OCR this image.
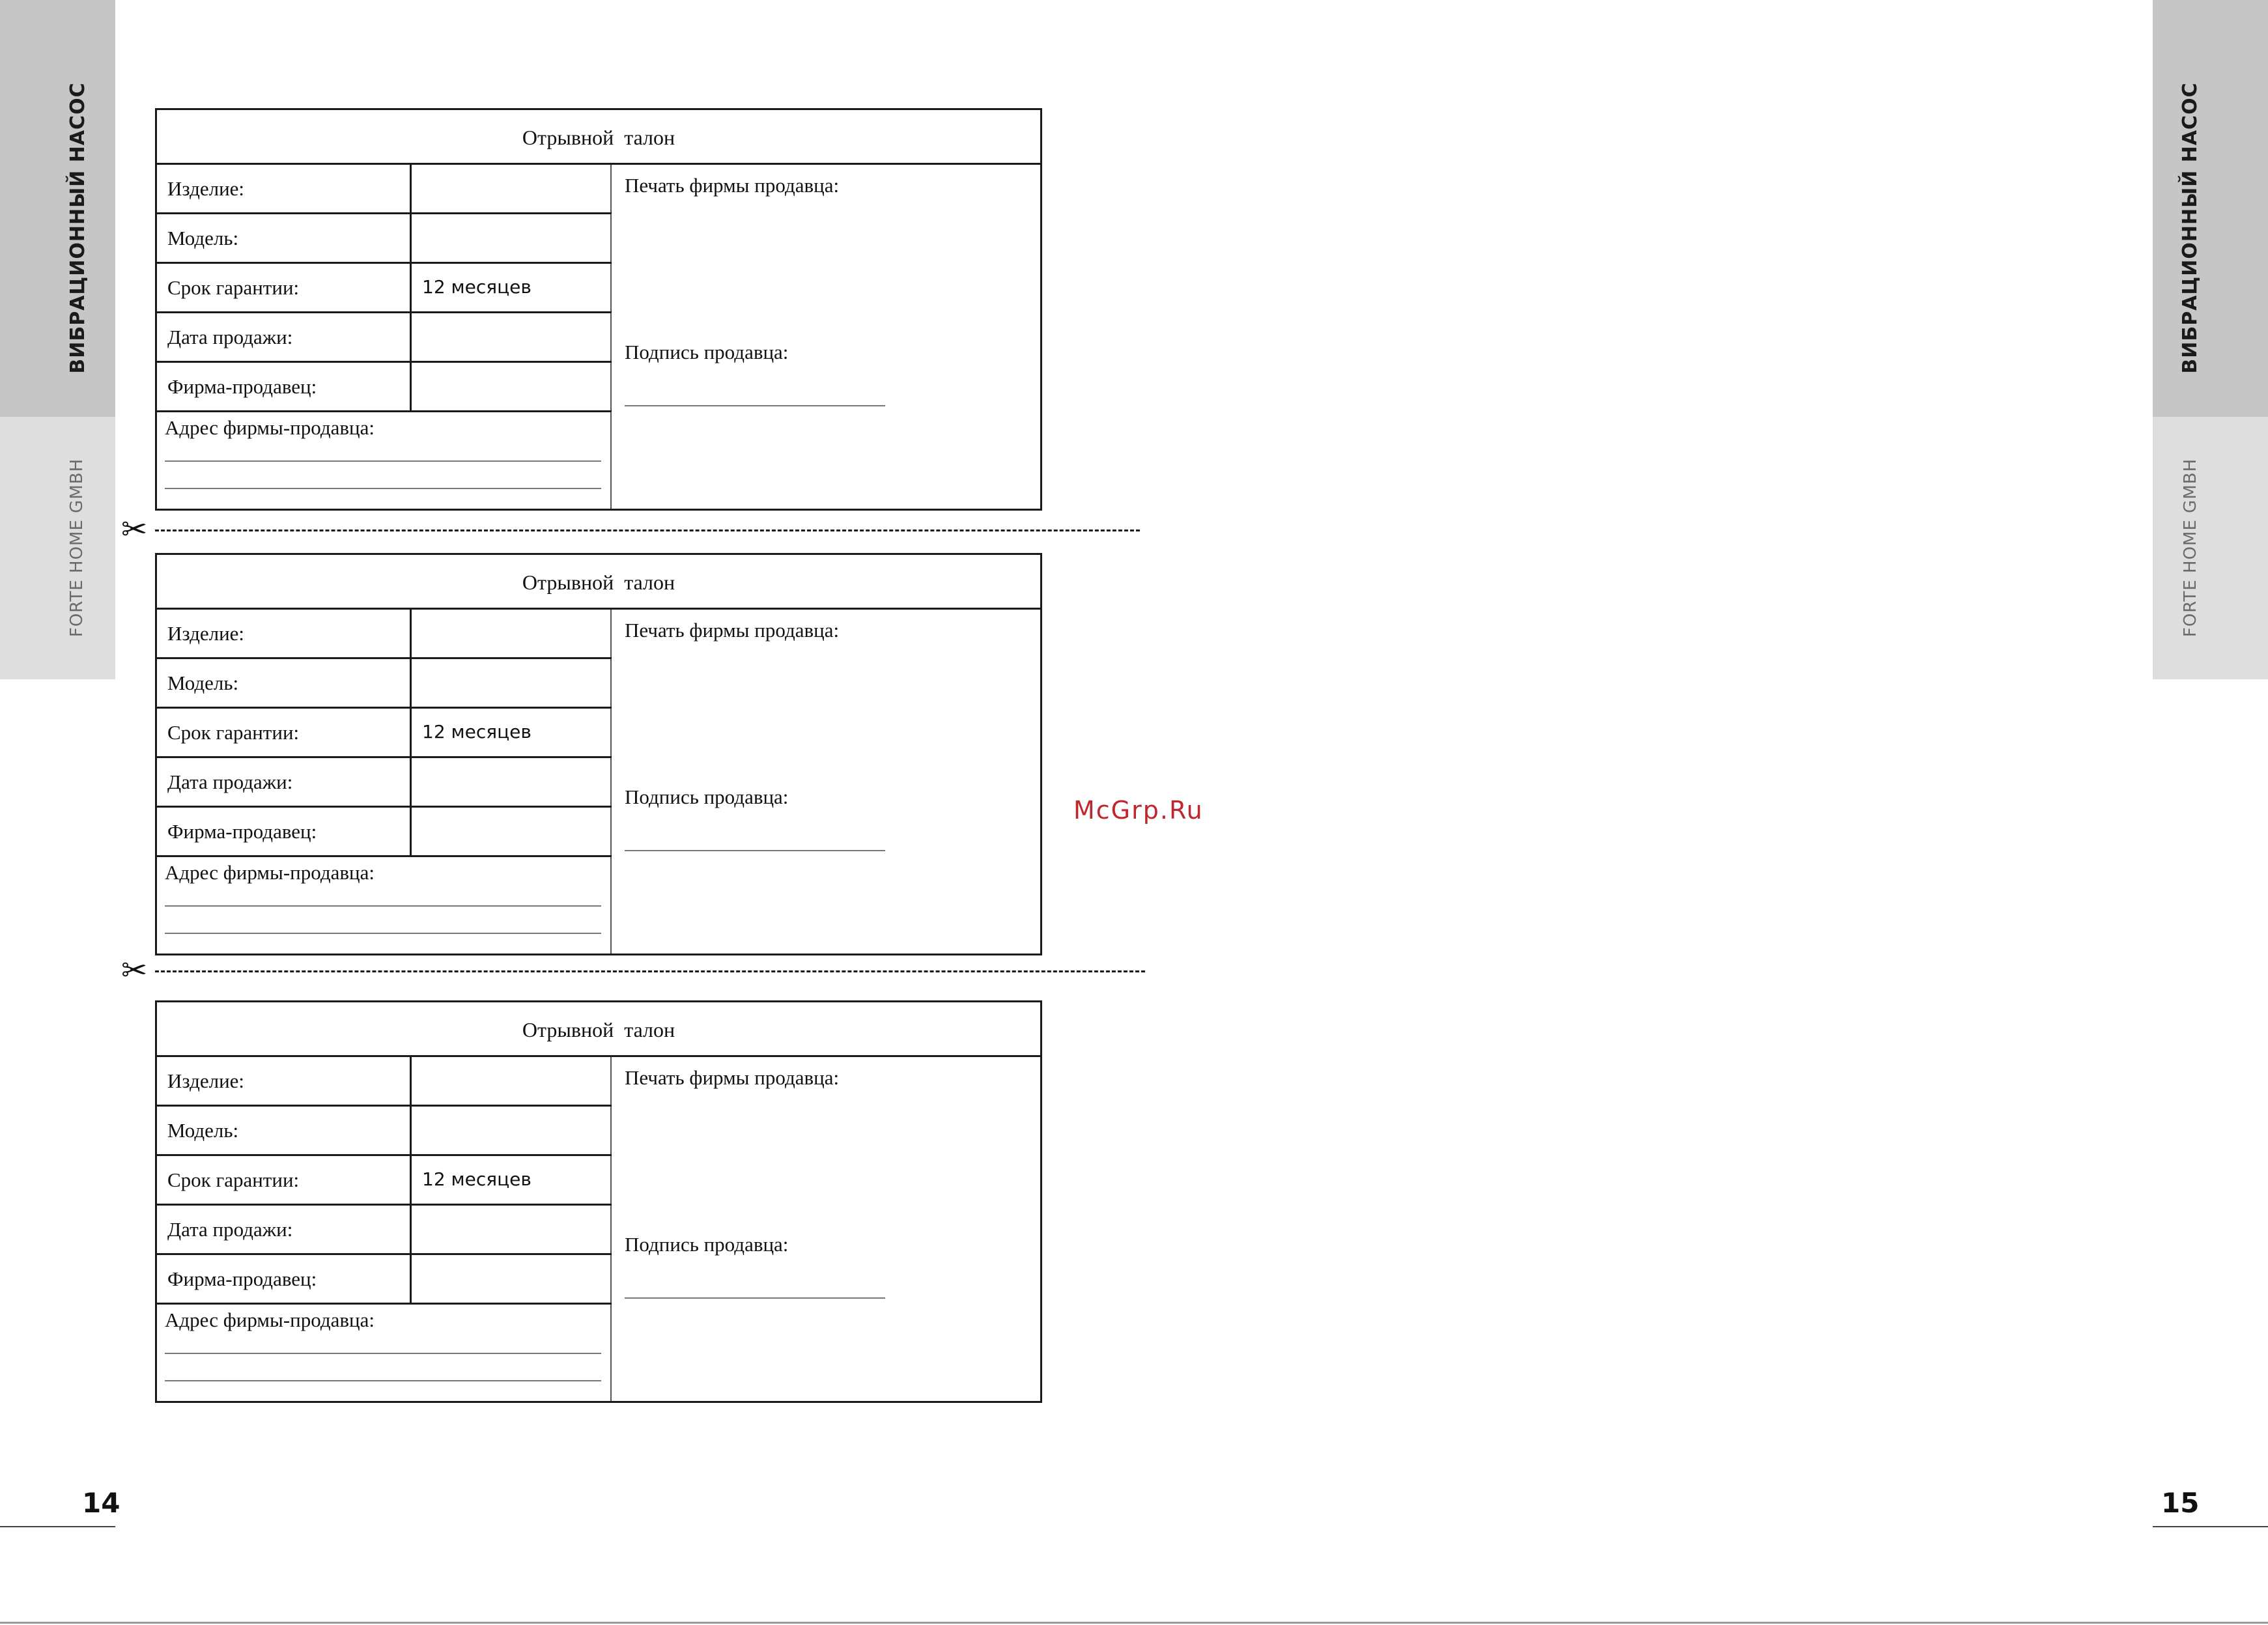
ВИБРАЦИОННЫЙ НАСОС
FORTE HOME GMBH
14
ВИБРАЦИОННЫЙ НАСОС
FORTE HOME GMBH
15
Отрывной талон
Изделие:
Модель:
Срок гарантии:	12 месяцев
Дата продажи:
Фирма-продавец:
Адрес фирмы-продавца:
Печать фирмы продавца:
Подпись продавца:
✂
Отрывной талон
Изделие:
Модель:
Срок гарантии:	12 месяцев
Дата продажи:
Фирма-продавец:
Адрес фирмы-продавца:
Печать фирмы продавца:
Подпись продавца:
✂
Отрывной талон
Изделие:
Модель:
Срок гарантии:	12 месяцев
Дата продажи:
Фирма-продавец:
Адрес фирмы-продавца:
Печать фирмы продавца:
Подпись продавца:
McGrp.Ru
